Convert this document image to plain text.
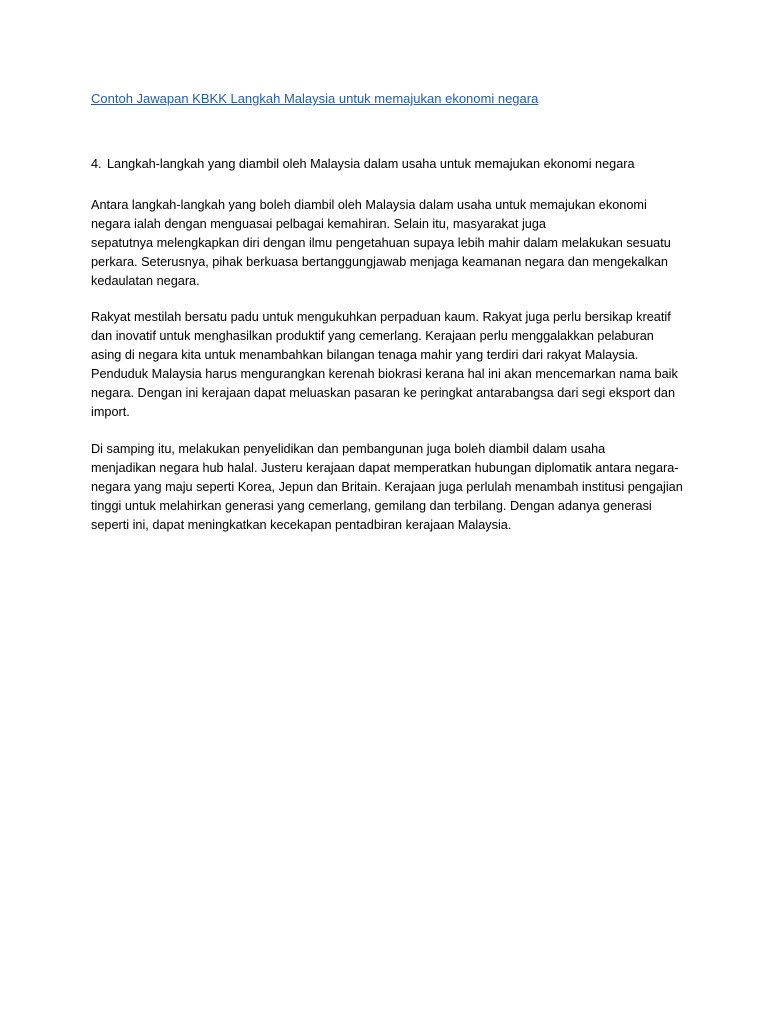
Contoh Jawapan KBKK Langkah Malaysia untuk memajukan ekonomi negara
4. Langkah-langkah yang diambil oleh Malaysia dalam usaha untuk memajukan ekonomi negara
Antara langkah-langkah yang boleh diambil oleh Malaysia dalam usaha untuk memajukan ekonomi
negara ialah dengan menguasai pelbagai kemahiran. Selain itu, masyarakat juga
sepatutnya melengkapkan diri dengan ilmu pengetahuan supaya lebih mahir dalam melakukan sesuatu
perkara. Seterusnya, pihak berkuasa bertanggungjawab menjaga keamanan negara dan mengekalkan
kedaulatan negara.
Rakyat mestilah bersatu padu untuk mengukuhkan perpaduan kaum. Rakyat juga perlu bersikap kreatif
dan inovatif untuk menghasilkan produktif yang cemerlang. Kerajaan perlu menggalakkan pelaburan
asing di negara kita untuk menambahkan bilangan tenaga mahir yang terdiri dari rakyat Malaysia.
Penduduk Malaysia harus mengurangkan kerenah biokrasi kerana hal ini akan mencemarkan nama baik
negara. Dengan ini kerajaan dapat meluaskan pasaran ke peringkat antarabangsa dari segi eksport dan
import.
Di samping itu, melakukan penyelidikan dan pembangunan juga boleh diambil dalam usaha
menjadikan negara hub halal. Justeru kerajaan dapat memperatkan hubungan diplomatik antara negara-
negara yang maju seperti Korea, Jepun dan Britain. Kerajaan juga perlulah menambah institusi pengajian
tinggi untuk melahirkan generasi yang cemerlang, gemilang dan terbilang. Dengan adanya generasi
seperti ini, dapat meningkatkan kecekapan pentadbiran kerajaan Malaysia.
